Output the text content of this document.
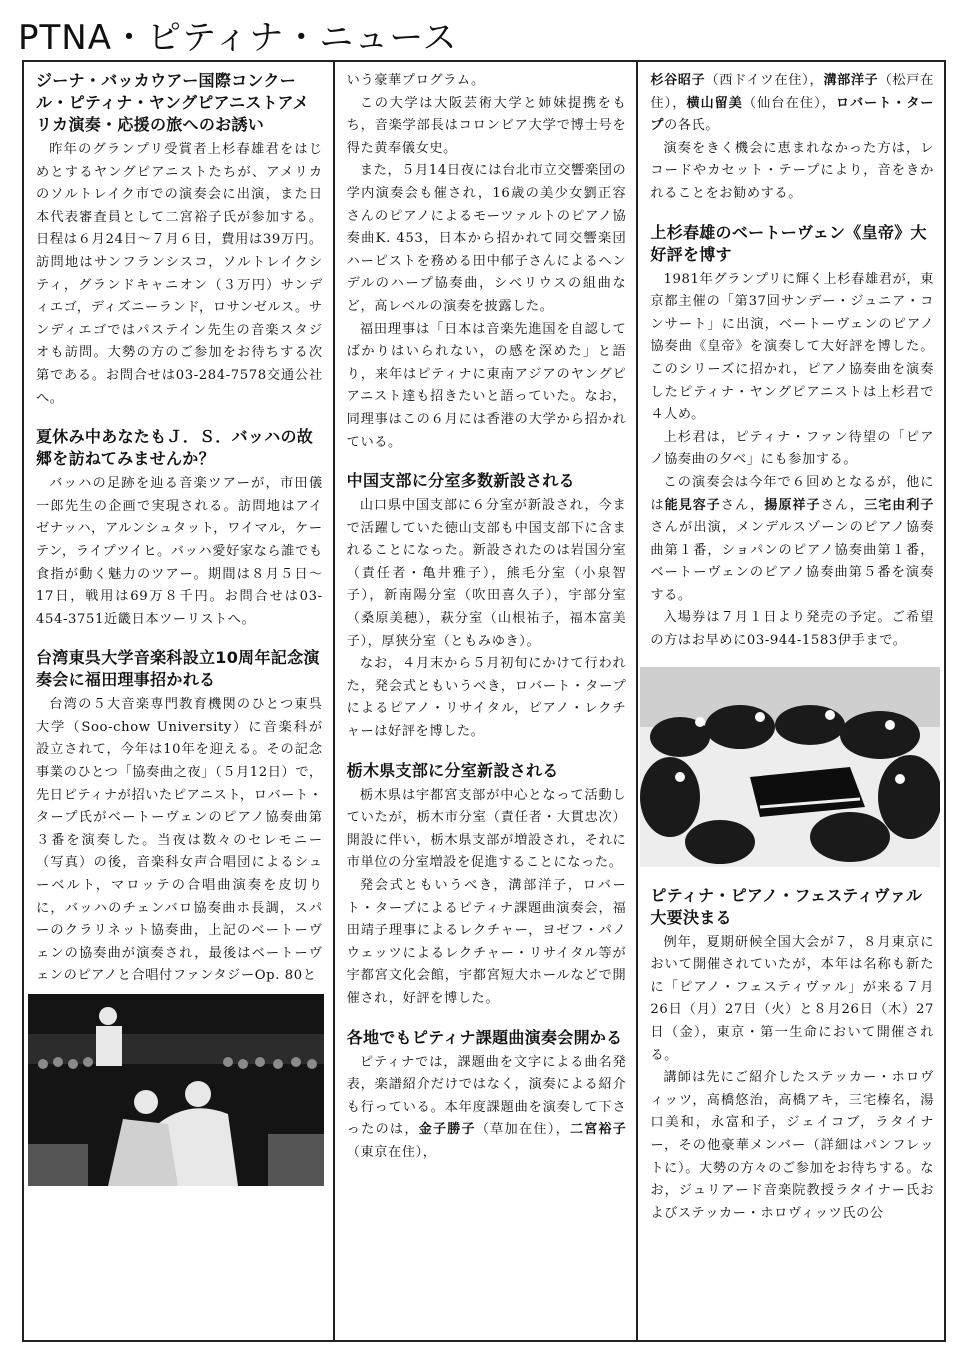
PTNA・ピティナ・ニュース
ジーナ・バッカウアー国際コンクール・ピティナ・ヤングピアニストアメリカ演奏・応援の旅へのお誘い

昨年のグランプリ受賞者上杉春雄君をはじめとするヤングピアニストたちが、アメリカのソルトレイク市での演奏会に出演，また日本代表審査員として二宮裕子氏が参加する。日程は６月24日～７月６日，費用は39万円。訪問地はサンフランシスコ，ソルトレイクシティ，グランドキャニオン（３万円）サンディエゴ，ディズニーランド，ロサンゼルス。サンディエゴではパステイン先生の音楽スタジオも訪問。大勢の方のご参加をお待ちする次第である。お問合せは03-284-7578交通公社へ。

夏休み中あなたもＪ．Ｓ．バッハの故郷を訪ねてみませんか？

バッハの足跡を辿る音楽ツアーが，市田儀一郎先生の企画で実現される。訪問地はアイゼナッハ，アルンシュタット，ワイマル，ケーテン，ライプツイヒ。バッハ愛好家なら誰でも食指が動く魅力のツアー。期間は８月５日～17日，戦用は69万８千円。お問合せは03-454-3751近畿日本ツーリストへ。

台湾東呉大学音楽科設立10周年記念演奏会に福田理事招かれる

台湾の５大音楽専門教育機関のひとつ東呉大学（Soo-chow University）に音楽科が設立されて，今年は10年を迎える。その記念事業のひとつ「協奏曲之夜」（５月12日）で，先日ピティナが招いたピアニスト，ロバート・タープ氏がベートーヴェンのピアノ協奏曲第３番を演奏した。当夜は数々のセレモニー（写真）の後，音楽科女声合唱団によるシューベルト，マロッテの合唱曲演奏を皮切りに，バッハのチェンバロ協奏曲ホ長調，スパーのクラリネット協奏曲，上記のベートーヴェンの協奏曲が演奏され，最後はベートーヴェンのピアノと合唱付ファンタジーOp. 80と

いう豪華プログラム。

この大学は大阪芸術大学と姉妹提携をもち，音楽学部長はコロンビア大学で博士号を得た黄奉儀女史。

また，５月14日夜には台北市立交響楽団の学内演奏会も催され，16歳の美少女劉正容さんのピアノによるモーツァルトのピアノ協奏曲K. 453，日本から招かれて同交響楽団ハーピストを務める田中郁子さんによるヘンデルのハープ協奏曲，シベリウスの組曲など，高レベルの演奏を披露した。

福田理事は「日本は音楽先進国を自認してばかりはいられない，の感を深めた」と語り，来年はピティナに東南アジアのヤングピアニスト達も招きたいと語っていた。なお，同理事はこの６月には香港の大学から招かれている。

中国支部に分室多数新設される

山口県中国支部に６分室が新設され，今まで活躍していた徳山支部も中国支部下に含まれることになった。新設されたのは岩国分室（責任者・亀井雅子），熊毛分室（小泉智子），新南陽分室（吹田喜久子），宇部分室（桑原美穂），萩分室（山根祐子，福本富美子），厚狭分室（ともみゆき）。

なお，４月末から５月初旬にかけて行われた，発会式ともいうべき，ロバート・タープによるピアノ・リサイタル，ピアノ・レクチャーは好評を博した。

栃木県支部に分室新設される

栃木県は宇都宮支部が中心となって活動していたが，栃木市分室（責任者・大貫忠次）開設に伴い，栃木県支部が増設され，それに市単位の分室増設を促進することになった。

発会式ともいうべき，溝部洋子，ロバート・タープによるピティナ課題曲演奏会，福田靖子理事によるレクチャー，ヨゼフ・パノウェッツによるレクチャー・リサイタル等が宇都宮文化会館，宇都宮短大ホールなどで開催され，好評を博した。

各地でもピティナ課題曲演奏会開かる

ピティナでは，課題曲を文字による曲名発表，楽譜紹介だけではなく，演奏による紹介も行っている。本年度課題曲を演奏して下さったのは，金子勝子（草加在住），二宮裕子（東京在住），

杉谷昭子（西ドイツ在住），溝部洋子（松戸在住），横山留美（仙台在住），ロバート・タープの各氏。

演奏をきく機会に恵まれなかった方は，レコードやカセット・テープにより，音をきかれることをお勧めする。

上杉春雄のベートーヴェン《皇帝》大好評を博す

1981年グランプリに輝く上杉春雄君が，東京都主催の「第37回サンデー・ジュニア・コンサート」に出演，ベートーヴェンのピアノ協奏曲《皇帝》を演奏して大好評を博した。このシリーズに招かれ，ピアノ協奏曲を演奏したピティナ・ヤングピアニストは上杉君で４人め。

上杉君は，ピティナ・ファン待望の「ピアノ協奏曲の夕べ」にも参加する。

この演奏会は今年で６回めとなるが，他には能見容子さん，揚原祥子さん，三宅由利子さんが出演，メンデルスゾーンのピアノ協奏曲第１番，ショパンのピアノ協奏曲第１番，ベートーヴェンのピアノ協奏曲第５番を演奏する。

入場券は７月１日より発売の予定。ご希望の方はお早めに03-944-1583伊手まで。

ピティナ・ピアノ・フェスティヴァル大要決まる

例年，夏期研候全国大会が７，８月東京において開催されていたが，本年は名称も新たに「ピアノ・フェスティヴァル」が来る７月26日（月）27日（火）と８月26日（木）27日（金），東京・第一生命において開催される。

講師は先にご紹介したステッカー・ホロヴィッツ，高橋悠治，高橋アキ，三宅榛名，湯口美和，永富和子，ジェイコブ，ラタイナー，その他豪華メンバー（詳細はパンフレットに）。大勢の方々のご参加をお待ちする。なお，ジュリアード音楽院教授ラタイナー氏およびステッカー・ホロヴィッツ氏の公
